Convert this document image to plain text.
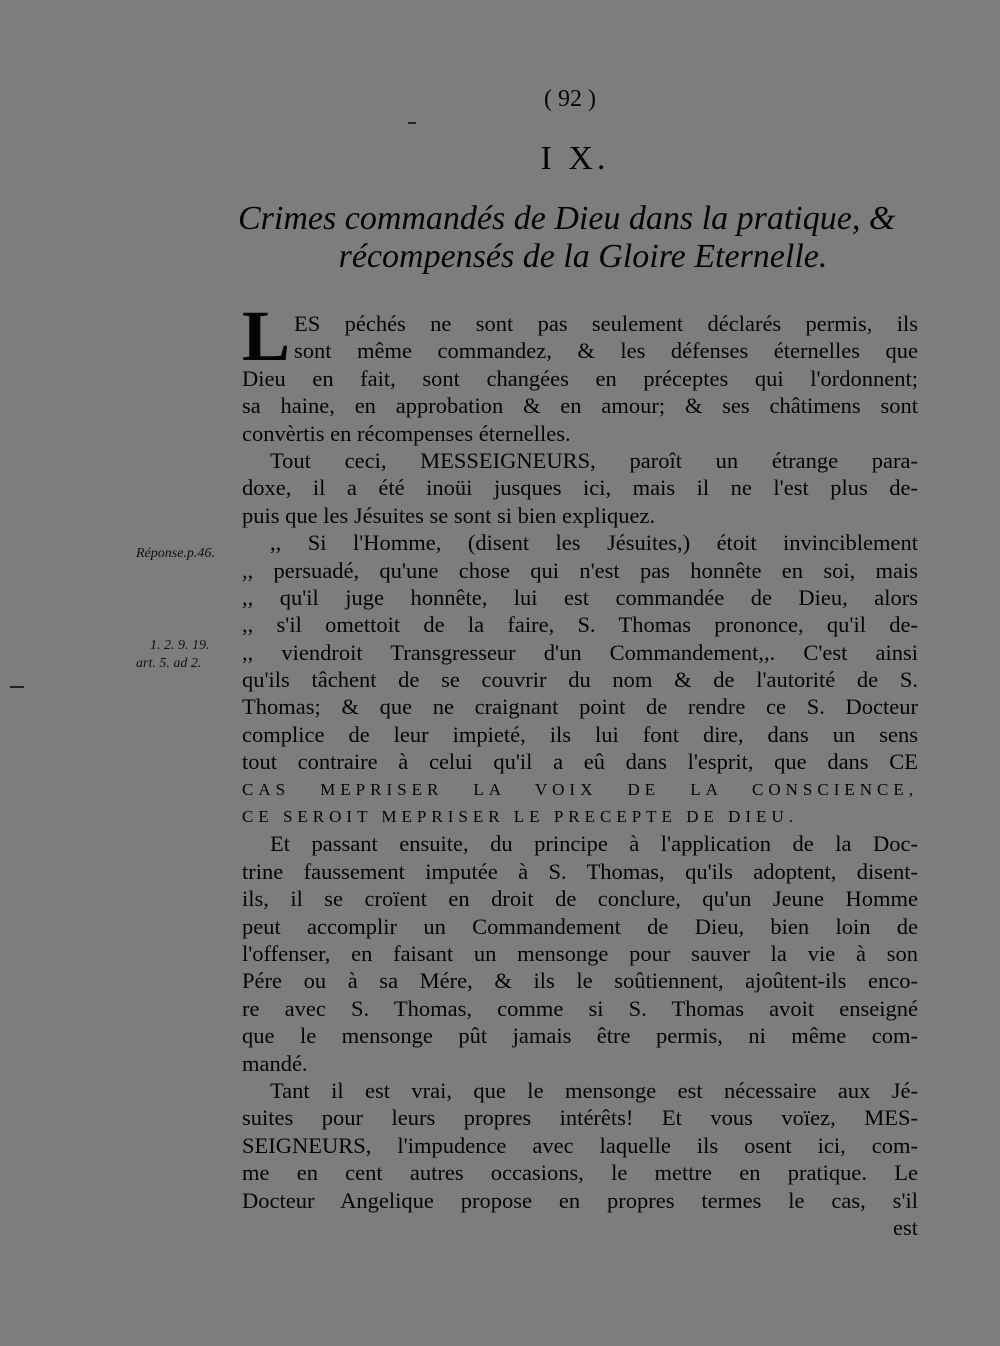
( 92 )
I X.
Crimes commandés de Dieu dans la pratique, &
récompensés de la Gloire Eternelle.
L
Réponse.p.46.
1. 2. 9. 19.
art. 5. ad 2.
ES péchés ne sont pas seulement déclarés permis, ils
sont même commandez, & les défenses éternelles que
Dieu en fait, sont changées en préceptes qui l'ordonnent;
sa haine, en approbation & en amour; & ses châtimens sont
convèrtis en récompenses éternelles.
Tout ceci, MESSEIGNEURS, paroît un étrange para-
doxe, il a été inoüi jusques ici, mais il ne l'est plus de-
puis que les Jésuites se sont si bien expliquez.
,, Si l'Homme, (disent les Jésuites,) étoit invinciblement
,, persuadé, qu'une chose qui n'est pas honnête en soi, mais
,, qu'il juge honnête, lui est commandée de Dieu, alors
,, s'il omettoit de la faire, S. Thomas prononce, qu'il de-
,, viendroit Transgresseur d'un Commandement,,. C'est ainsi
qu'ils tâchent de se couvrir du nom & de l'autorité de S.
Thomas; & que ne craignant point de rendre ce S. Docteur
complice de leur impieté, ils lui font dire, dans un sens
tout contraire à celui qu'il a eû dans l'esprit, que dans CE
CAS MEPRISER LA VOIX DE LA CONSCIENCE,
CE SEROIT MEPRISER LE PRECEPTE DE DIEU.
Et passant ensuite, du principe à l'application de la Doc-
trine faussement imputée à S. Thomas, qu'ils adoptent, disent-
ils, il se croïent en droit de conclure, qu'un Jeune Homme
peut accomplir un Commandement de Dieu, bien loin de
l'offenser, en faisant un mensonge pour sauver la vie à son
Pére ou à sa Mére, & ils le soûtiennent, ajoûtent-ils enco-
re avec S. Thomas, comme si S. Thomas avoit enseigné
que le mensonge pût jamais être permis, ni même com-
mandé.
Tant il est vrai, que le mensonge est nécessaire aux Jé-
suites pour leurs propres intérêts! Et vous voïez, MES-
SEIGNEURS, l'impudence avec laquelle ils osent ici, com-
me en cent autres occasions, le mettre en pratique. Le
Docteur Angelique propose en propres termes le cas, s'il
est
